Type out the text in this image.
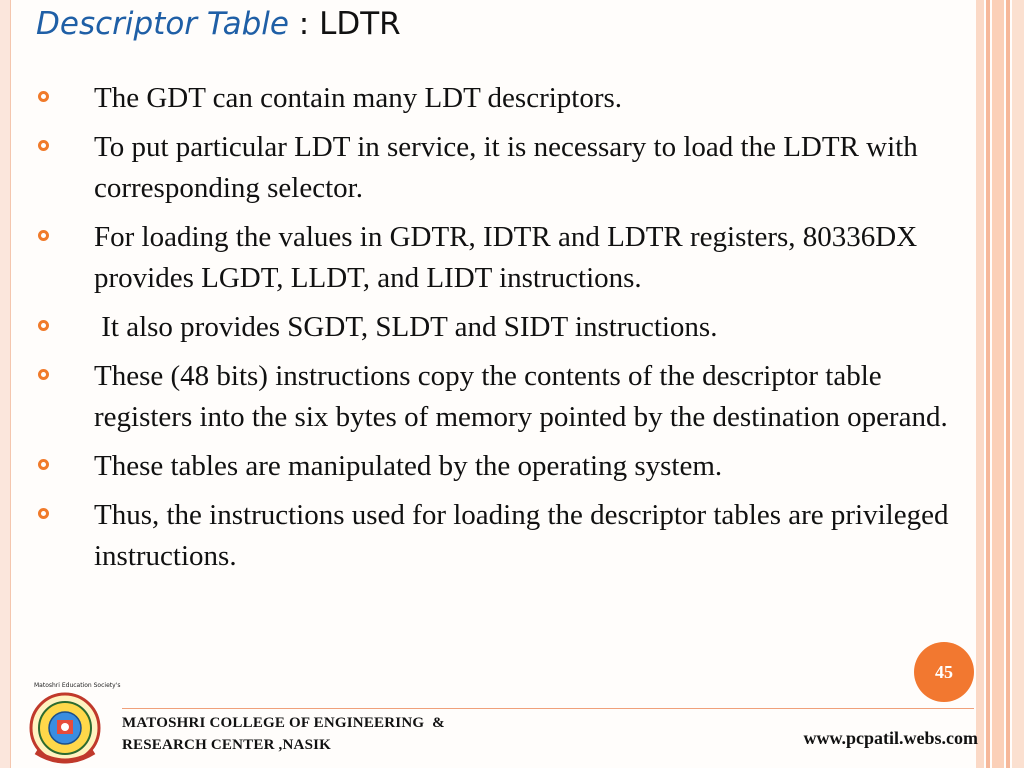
Descriptor Table : LDTR
The GDT can contain many LDT descriptors.
To put particular LDT in service, it is necessary to load the LDTR with corresponding selector.
For loading the values in GDTR, IDTR and LDTR registers, 80336DX provides LGDT, LLDT, and LIDT instructions.
It also provides SGDT, SLDT and SIDT instructions.
These (48 bits) instructions copy the contents of the descriptor table registers into the six bytes of memory pointed by the destination operand.
These tables are manipulated by the operating system.
Thus, the instructions used for loading the descriptor tables are privileged instructions.
45
Matoshri Education Society's
MATOSHRI COLLEGE OF ENGINEERING  &
RESEARCH CENTER ,NASIK	www.pcpatil.webs.com
